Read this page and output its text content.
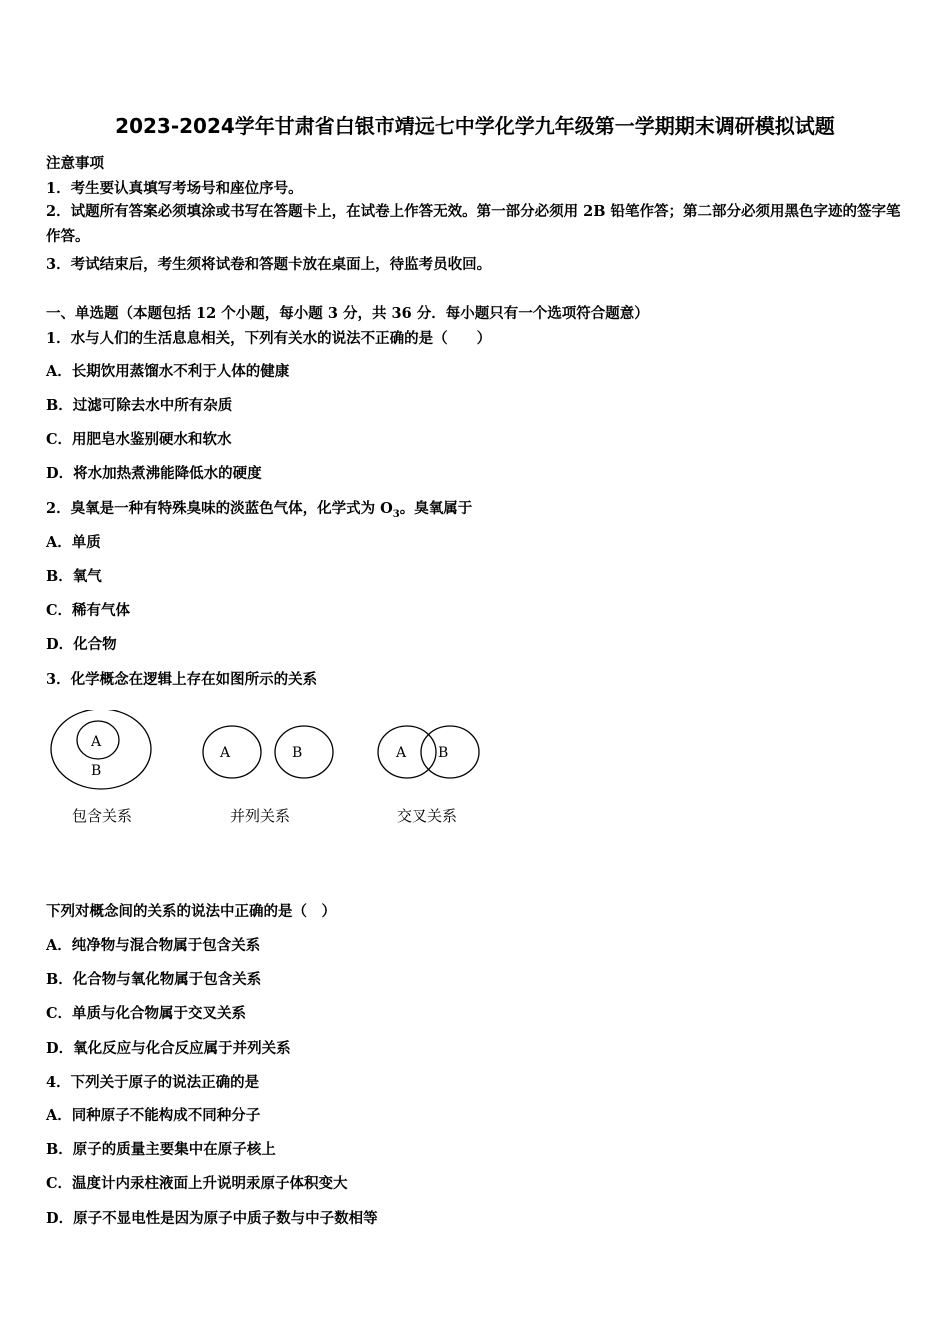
2023-2024学年甘肃省白银市靖远七中学化学九年级第一学期期末调研模拟试题
注意事项
1．考生要认真填写考场号和座位序号。
2．试题所有答案必须填涂或书写在答题卡上，在试卷上作答无效。第一部分必须用 2B 铅笔作答；第二部分必须用黑色字迹的签字笔作答。
3．考试结束后，考生须将试卷和答题卡放在桌面上，待监考员收回。
一、单选题（本题包括 12 个小题，每小题 3 分，共 36 分．每小题只有一个选项符合题意）
1．水与人们的生活息息相关，下列有关水的说法不正确的是（　　）
A．长期饮用蒸馏水不利于人体的健康
B．过滤可除去水中所有杂质
C．用肥皂水鉴别硬水和软水
D．将水加热煮沸能降低水的硬度
2．臭氧是一种有特殊臭味的淡蓝色气体，化学式为 $O_3$。臭氧属于
A．单质
B．氧气
C．稀有气体
D．化合物
3．化学概念在逻辑上存在如图所示的关系
A
B
包含关系
A	B
并列关系
A B
交叉关系
下列对概念间的关系的说法中正确的是（　）
A．纯净物与混合物属于包含关系
B．化合物与氧化物属于包含关系
C．单质与化合物属于交叉关系
D．氧化反应与化合反应属于并列关系
4．下列关于原子的说法正确的是
A．同种原子不能构成不同种分子
B．原子的质量主要集中在原子核上
C．温度计内汞柱液面上升说明汞原子体积变大
D．原子不显电性是因为原子中质子数与中子数相等
